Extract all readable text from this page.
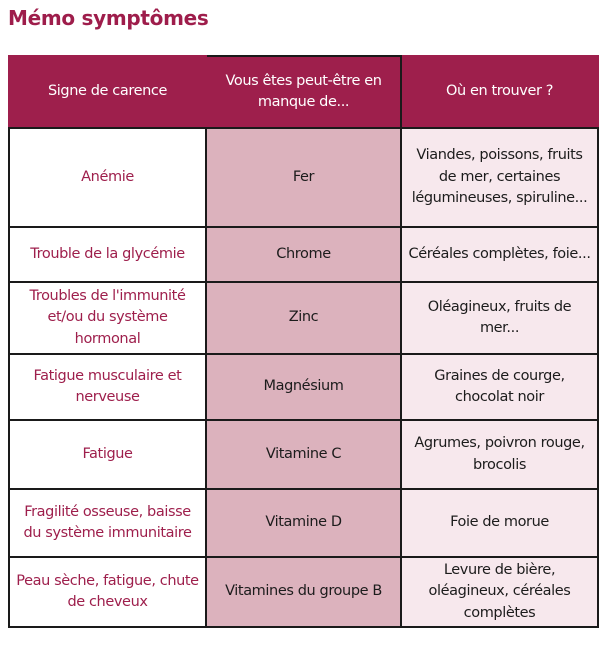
Mémo symptômes
Signe de carence	Vous êtes peut-être en manque de...	Où en trouver ?
Anémie	Fer	Viandes, poissons, fruits de mer, certaines légumineuses, spiruline...
Trouble de la glycémie	Chrome	Céréales complètes, foie...
Troubles de l'immunité et/ou du système hormonal	Zinc	Oléagineux, fruits de mer...
Fatigue musculaire et nerveuse	Magnésium	Graines de courge, chocolat noir
Fatigue	Vitamine C	Agrumes, poivron rouge, brocolis
Fragilité osseuse, baisse du système immunitaire	Vitamine D	Foie de morue
Peau sèche, fatigue, chute de cheveux	Vitamines du groupe B	Levure de bière, oléagineux, céréales complètes
